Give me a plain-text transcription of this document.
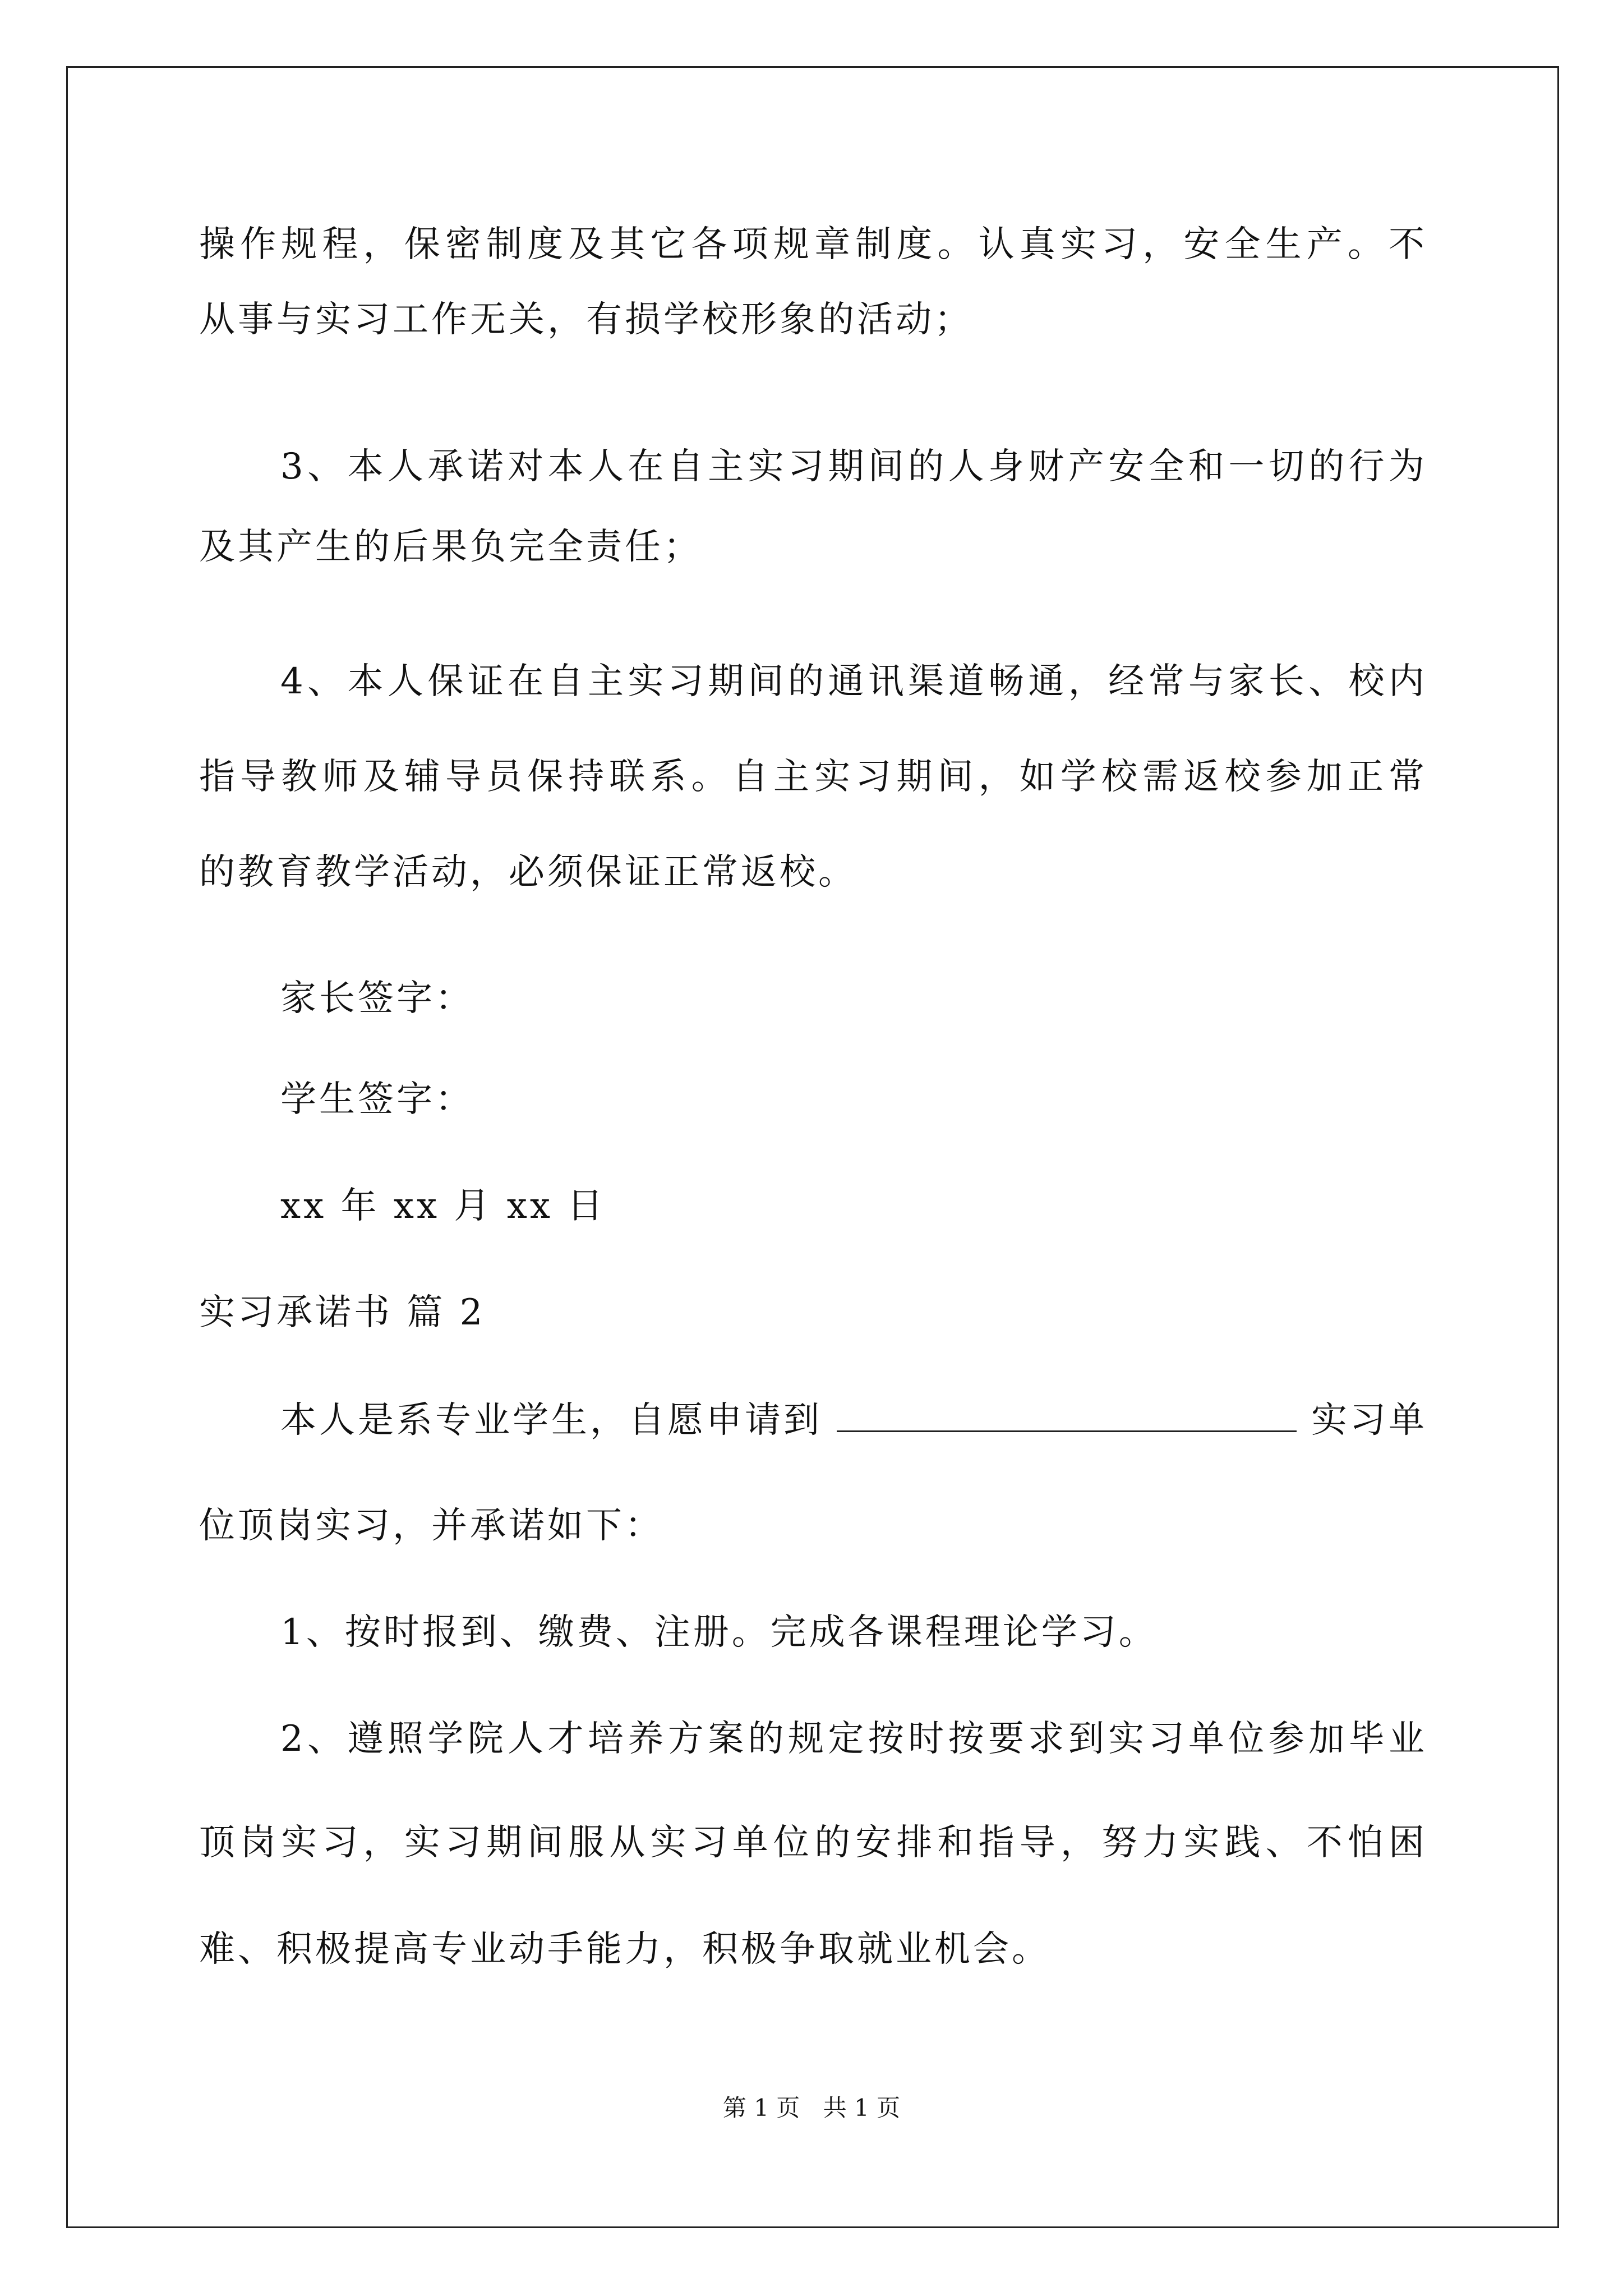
操作规程，保密制度及其它各项规章制度。认真实习，安全生产。不
从事与实习工作无关，有损学校形象的活动；
3、本人承诺对本人在自主实习期间的人身财产安全和一切的行为
及其产生的后果负完全责任；
4、本人保证在自主实习期间的通讯渠道畅通，经常与家长、校内
指导教师及辅导员保持联系。自主实习期间，如学校需返校参加正常
的教育教学活动，必须保证正常返校。
家长签字：
学生签字：
xx 年 xx 月 xx 日
实习承诺书 篇 2
本人是系专业学生，自愿申请到	实习单
位顶岗实习，并承诺如下：
1、按时报到、缴费、注册。完成各课程理论学习。
2、遵照学院人才培养方案的规定按时按要求到实习单位参加毕业
顶岗实习，实习期间服从实习单位的安排和指导，努力实践、不怕困
难、积极提高专业动手能力，积极争取就业机会。
第 1 页 共 1 页
